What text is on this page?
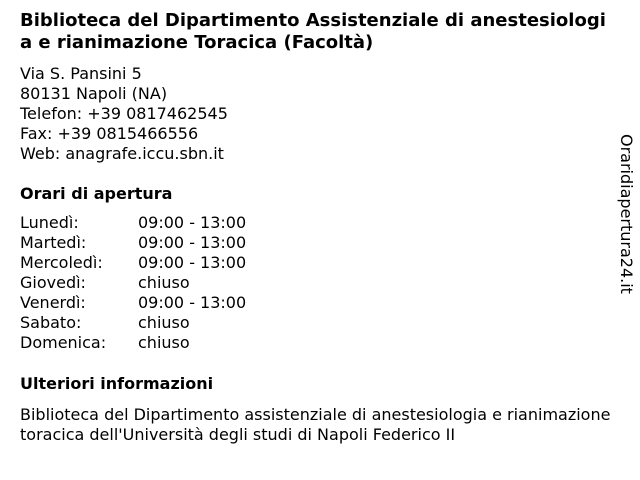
Biblioteca del Dipartimento Assistenziale di anestesiologia e rianimazione Toracica (Facoltà)
Via S. Pansini 5
80131 Napoli (NA)
Telefon: +39 0817462545
Fax: +39 0815466556
Web: anagrafe.iccu.sbn.it
Orari di apertura
Lunedì:	09:00 - 13:00
Martedì:	09:00 - 13:00
Mercoledì:	09:00 - 13:00
Giovedì:	chiuso
Venerdì:	09:00 - 13:00
Sabato:	chiuso
Domenica:	chiuso
Ulteriori informazioni
Biblioteca del Dipartimento assistenziale di anestesiologia e rianimazione toracica dell'Università degli studi di Napoli Federico II
Oraridiapertura24.it
